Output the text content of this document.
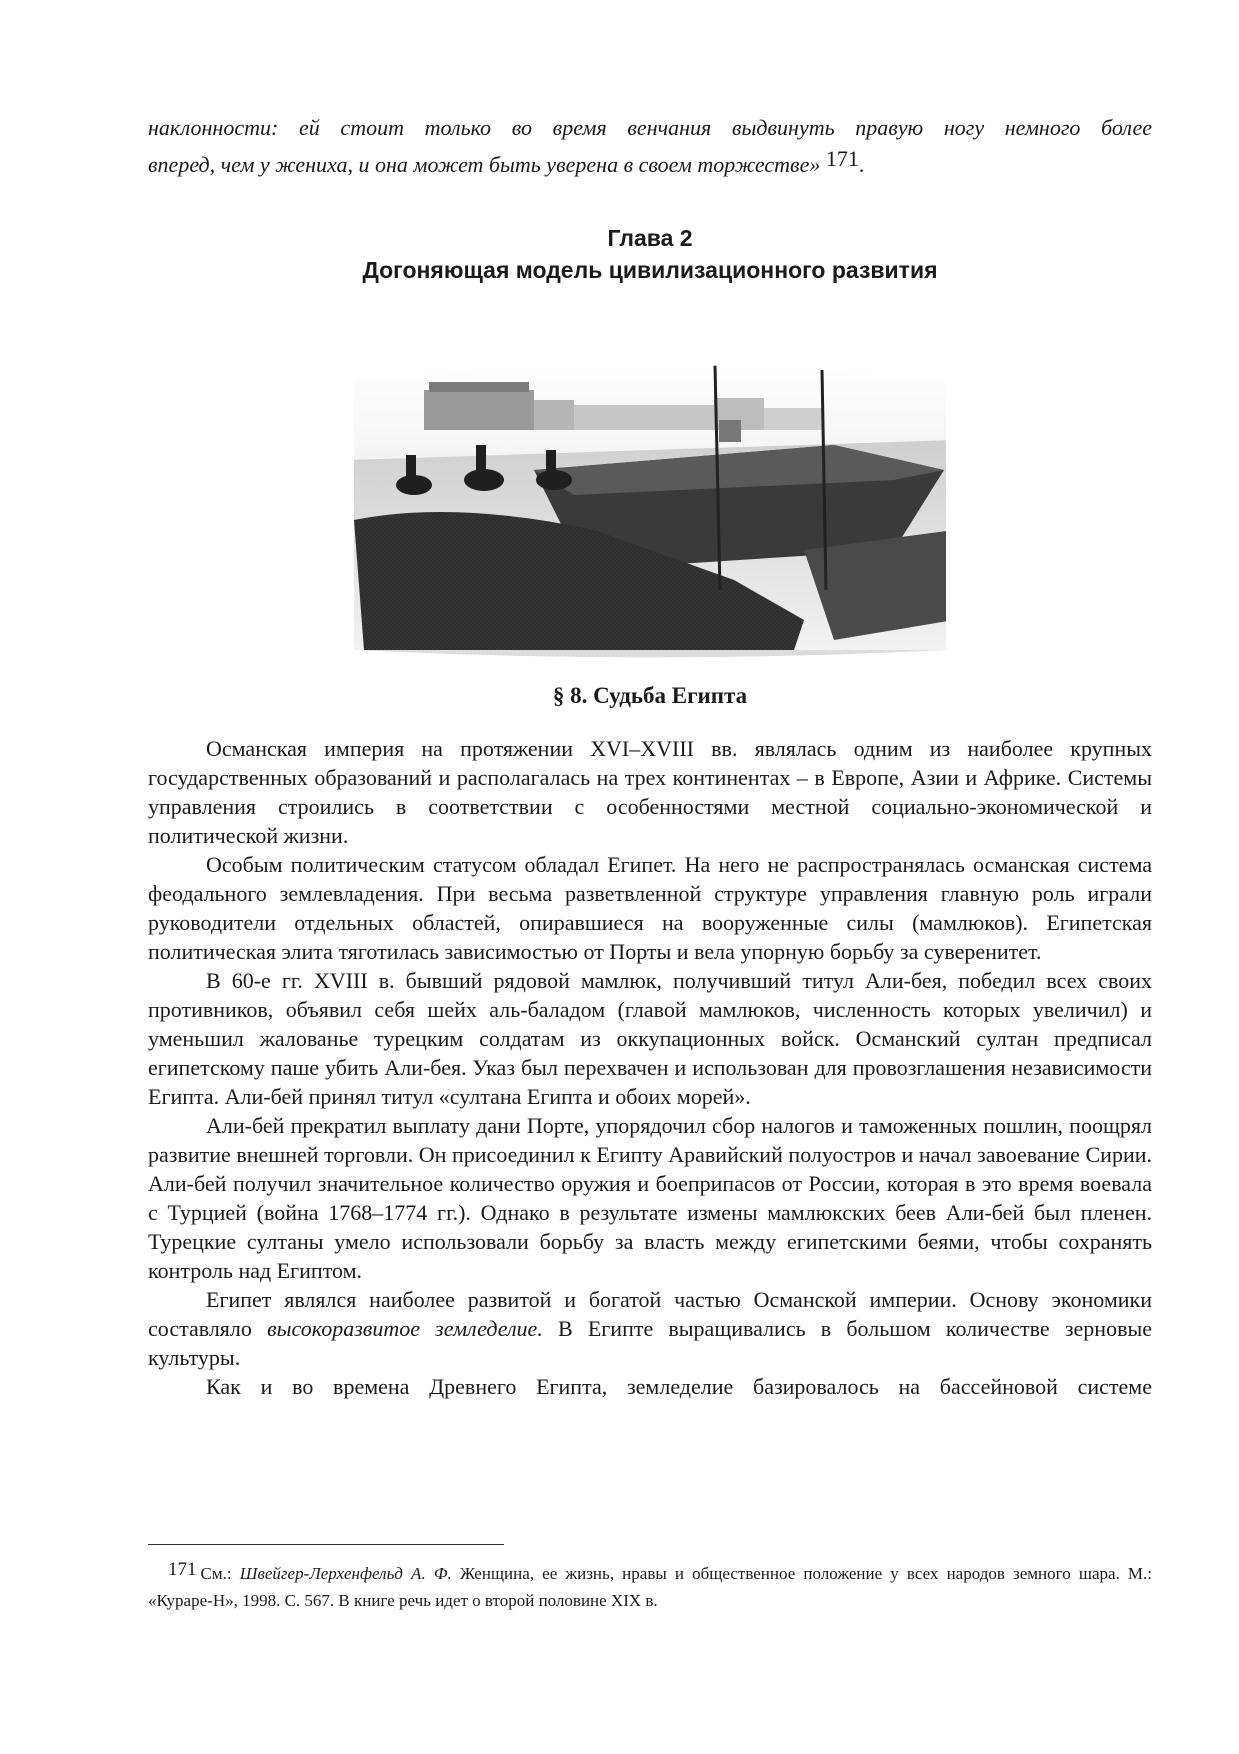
наклонности: ей стоит только во время венчания выдвинуть правую ногу немного более

вперед, чем у жениха, и она может быть уверена в своем торжестве» 171.

Глава 2
Догоняющая модель цивилизационного развития
§ 8. Судьба Египта

Османская империя на протяжении XVI–XVIII вв. являлась одним из наиболее крупных государственных образований и располагалась на трех континентах – в Европе, Азии и Африке. Системы управления строились в соответствии с особенностями местной социально-экономической и политической жизни.

Особым политическим статусом обладал Египет. На него не распространялась османская система феодального землевладения. При весьма разветвленной структуре управления главную роль играли руководители отдельных областей, опиравшиеся на вооруженные силы (мамлюков). Египетская политическая элита тяготилась зависимостью от Порты и вела упорную борьбу за суверенитет.

В 60-е гг. XVIII в. бывший рядовой мамлюк, получивший титул Али-бея, победил всех своих противников, объявил себя шейх аль-баладом (главой мамлюков, численность которых увеличил) и уменьшил жалованье турецким солдатам из оккупационных войск. Османский султан предписал египетскому паше убить Али-бея. Указ был перехвачен и использован для провозглашения независимости Египта. Али-бей принял титул «султана Египта и обоих морей».

Али-бей прекратил выплату дани Порте, упорядочил сбор налогов и таможенных пошлин, поощрял развитие внешней торговли. Он присоединил к Египту Аравийский полуостров и начал завоевание Сирии. Али-бей получил значительное количество оружия и боеприпасов от России, которая в это время воевала с Турцией (война 1768–1774 гг.). Однако в результате измены мамлюкских беев Али-бей был пленен. Турецкие султаны умело использовали борьбу за власть между египетскими беями, чтобы сохранять контроль над Египтом.

Египет являлся наиболее развитой и богатой частью Османской империи. Основу экономики составляло высокоразвитое земледелие. В Египте выращивались в большом количестве зерновые культуры.

Как и во времена Древнего Египта, земледелие базировалось на бассейновой системе

171 См.: Швейгер-Лерхенфельд А. Ф. Женщина, ее жизнь, нравы и общественное положение у всех народов земного шара. М.: «Кураре-Н», 1998. С. 567. В книге речь идет о второй половине XIX в.
